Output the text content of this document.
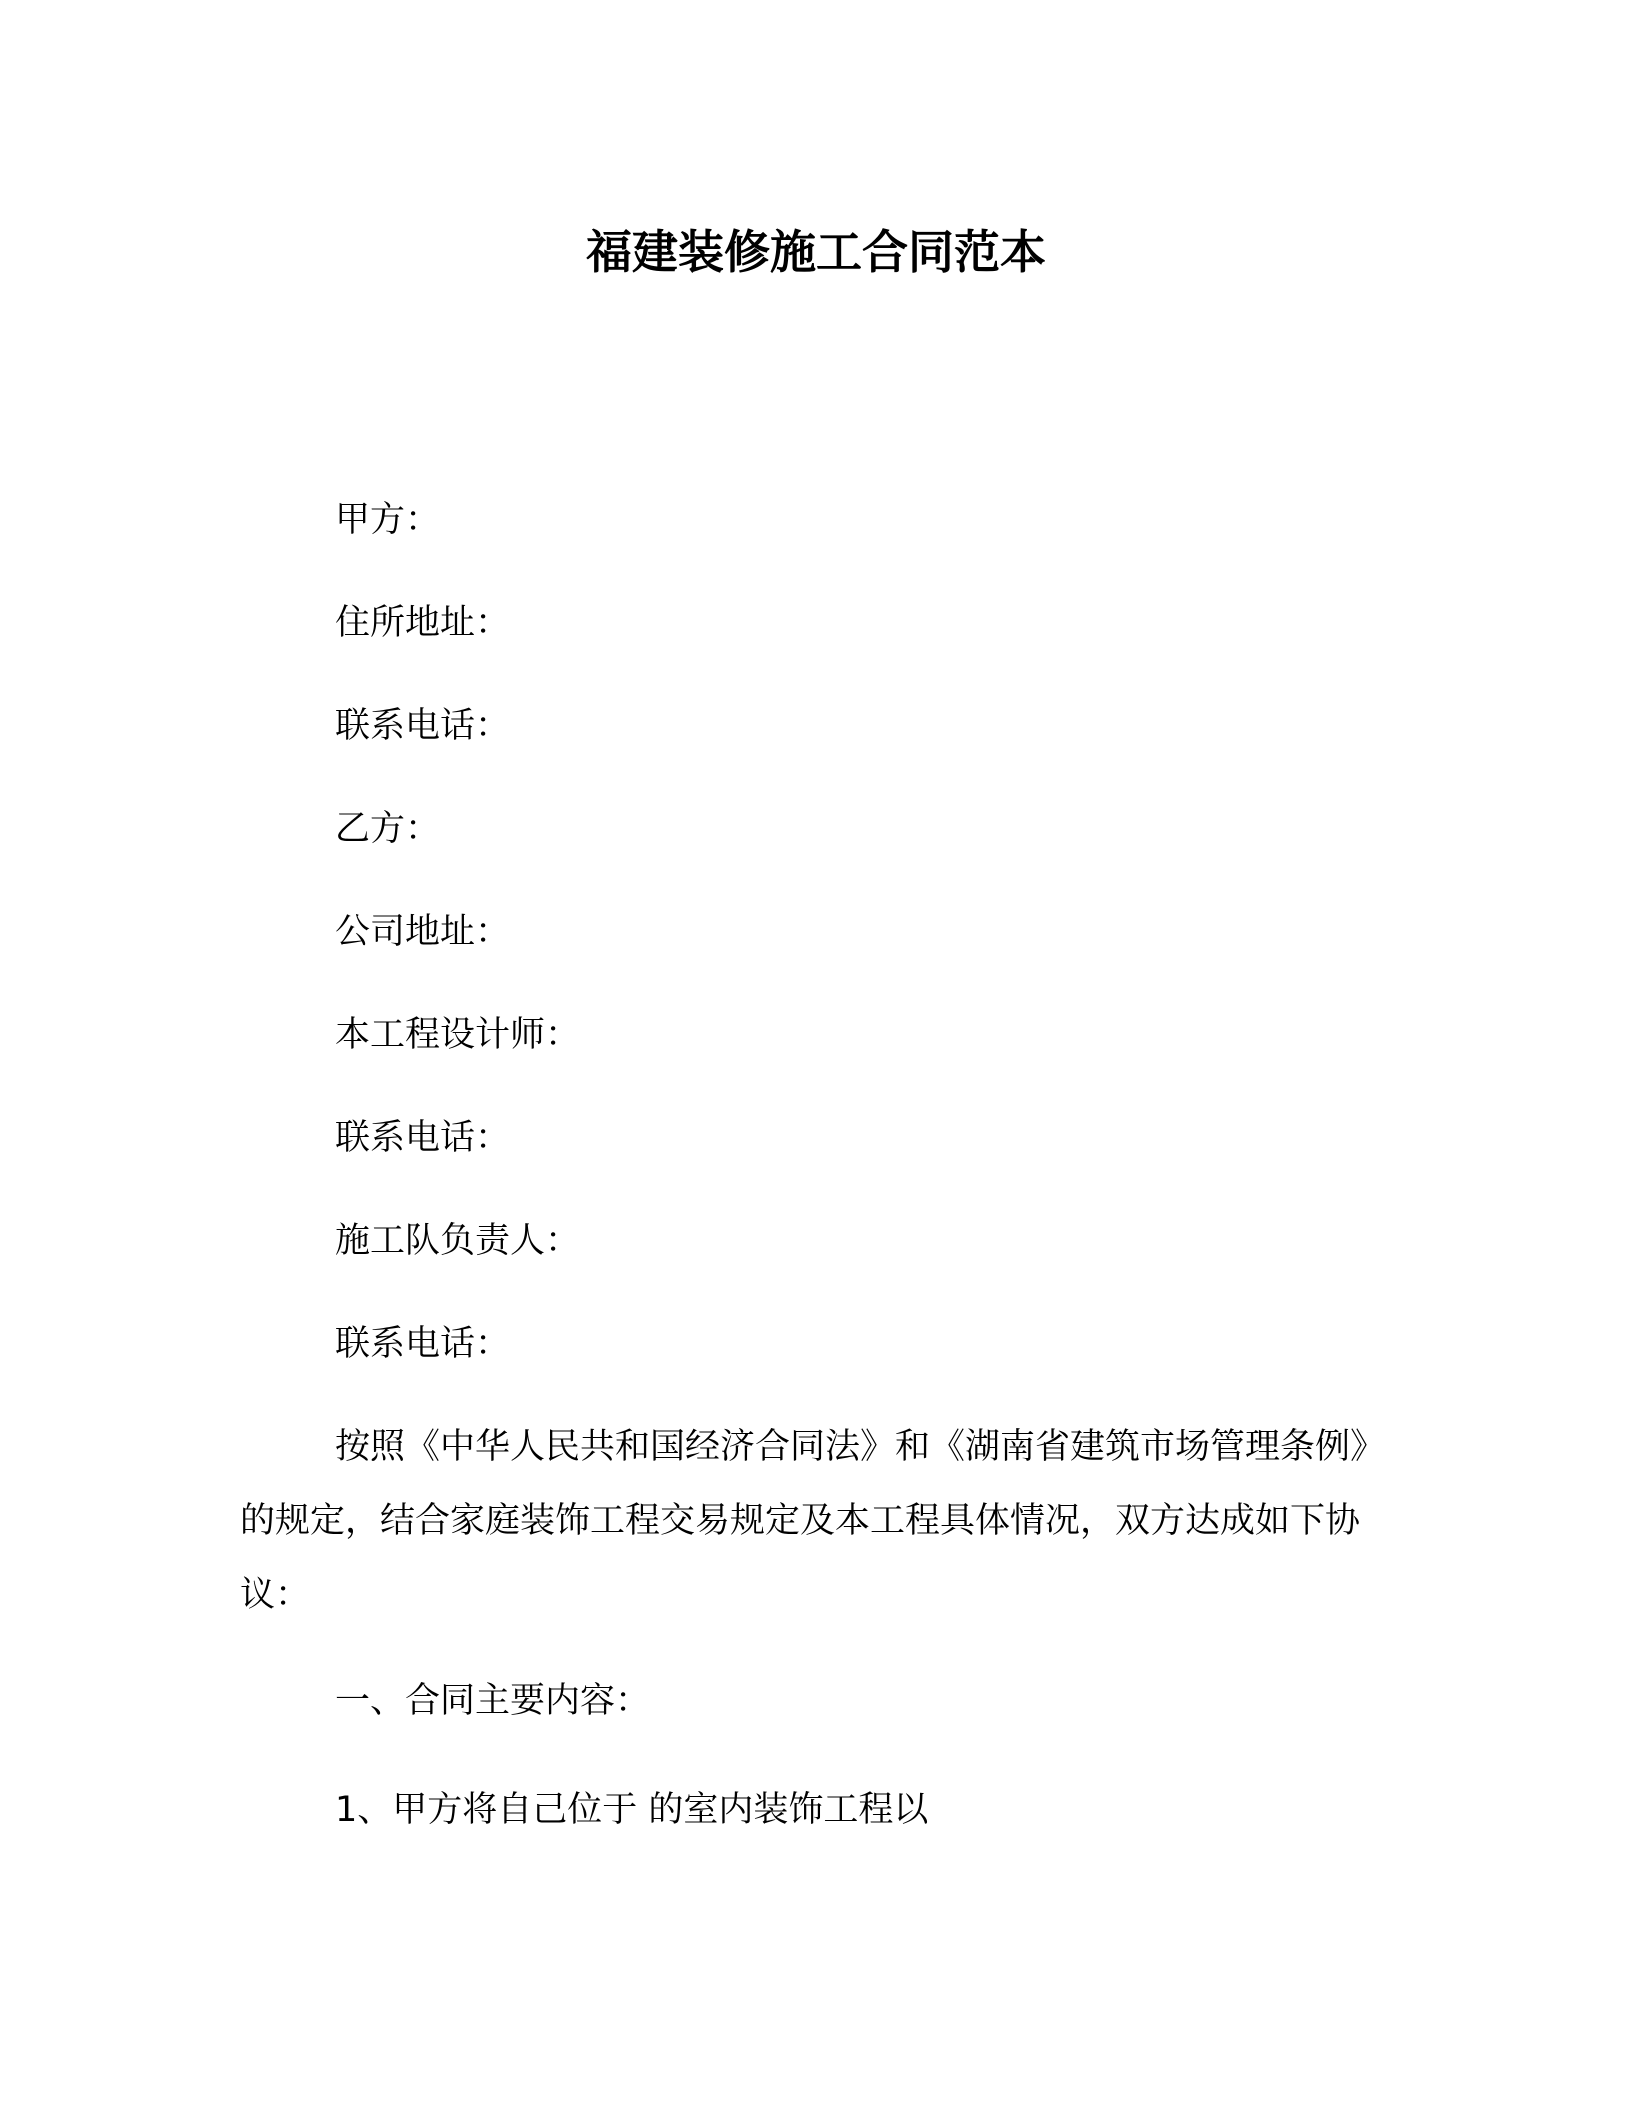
福建装修施工合同范本
甲方：
住所地址：
联系电话：
乙方：
公司地址：
本工程设计师：
联系电话：
施工队负责人：
联系电话：

按照《中华人民共和国经济合同法》和《湖南省建筑市场管理条例》的规定，结合家庭装饰工程交易规定及本工程具体情况，双方达成如下协议：

一、合同主要内容：
1、甲方将自己位于 的室内装饰工程以
